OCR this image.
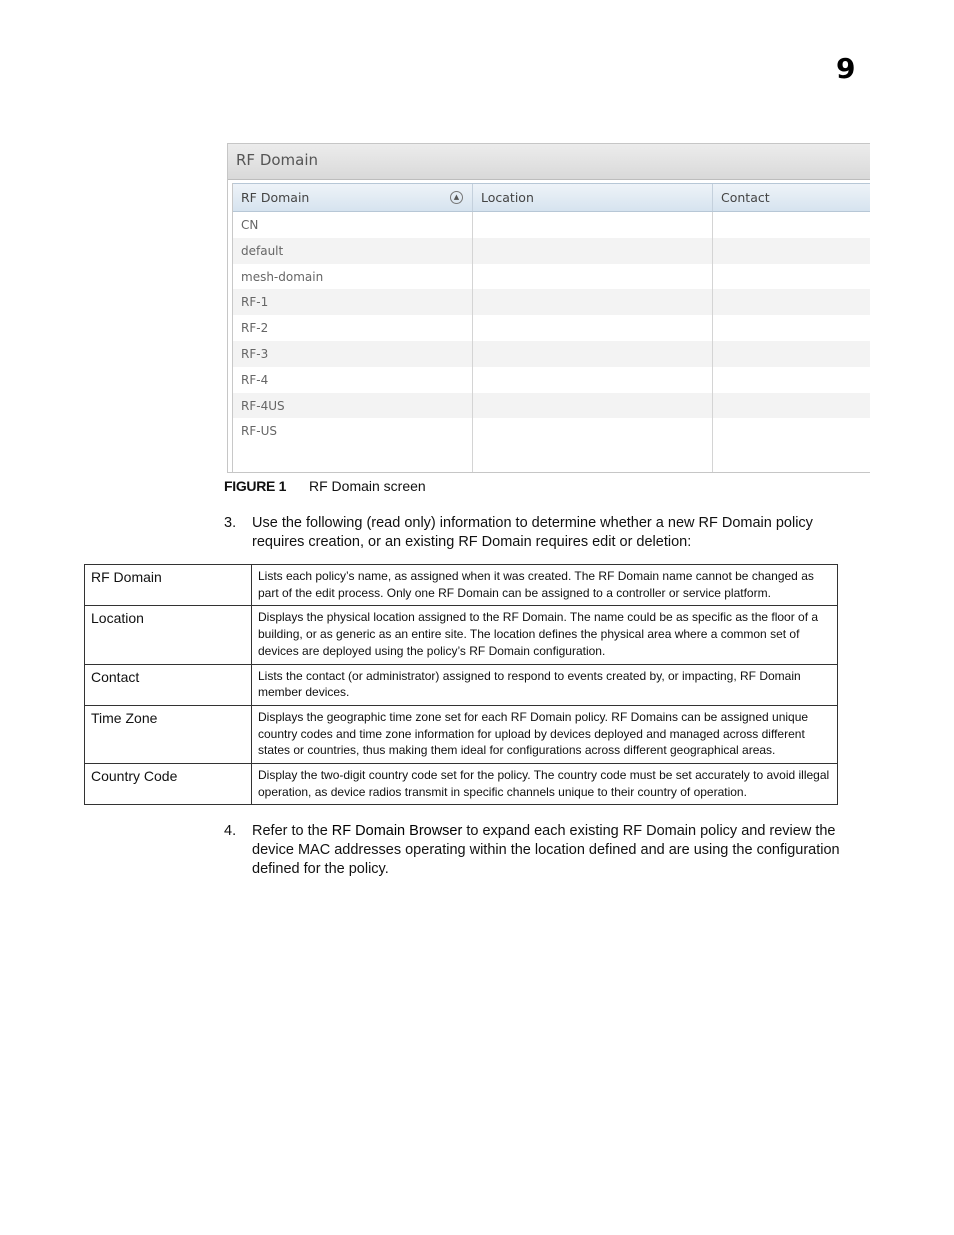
9
RF Domain
RF Domain	▲	Location	Contact
CN
default
mesh-domain
RF-1
RF-2
RF-3
RF-4
RF-4US
RF-US
FIGURE 1 RF Domain screen
3. Use the following (read only) information to determine whether a new RF Domain policy requires creation, or an existing RF Domain requires edit or deletion:
RF Domain	Lists each policy’s name, as assigned when it was created. The RF Domain name cannot be changed as part of the edit process. Only one RF Domain can be assigned to a controller or service platform.
Location	Displays the physical location assigned to the RF Domain. The name could be as specific as the floor of a building, or as generic as an entire site. The location defines the physical area where a common set of devices are deployed using the policy’s RF Domain configuration.
Contact	Lists the contact (or administrator) assigned to respond to events created by, or impacting, RF Domain member devices.
Time Zone	Displays the geographic time zone set for each RF Domain policy. RF Domains can be assigned unique country codes and time zone information for upload by devices deployed and managed across different states or countries, thus making them ideal for configurations across different geographical areas.
Country Code	Display the two-digit country code set for the policy. The country code must be set accurately to avoid illegal operation, as device radios transmit in specific channels unique to their country of operation.
4. Refer to the RF Domain Browser to expand each existing RF Domain policy and review the device MAC addresses operating within the location defined and are using the configuration defined for the policy.
